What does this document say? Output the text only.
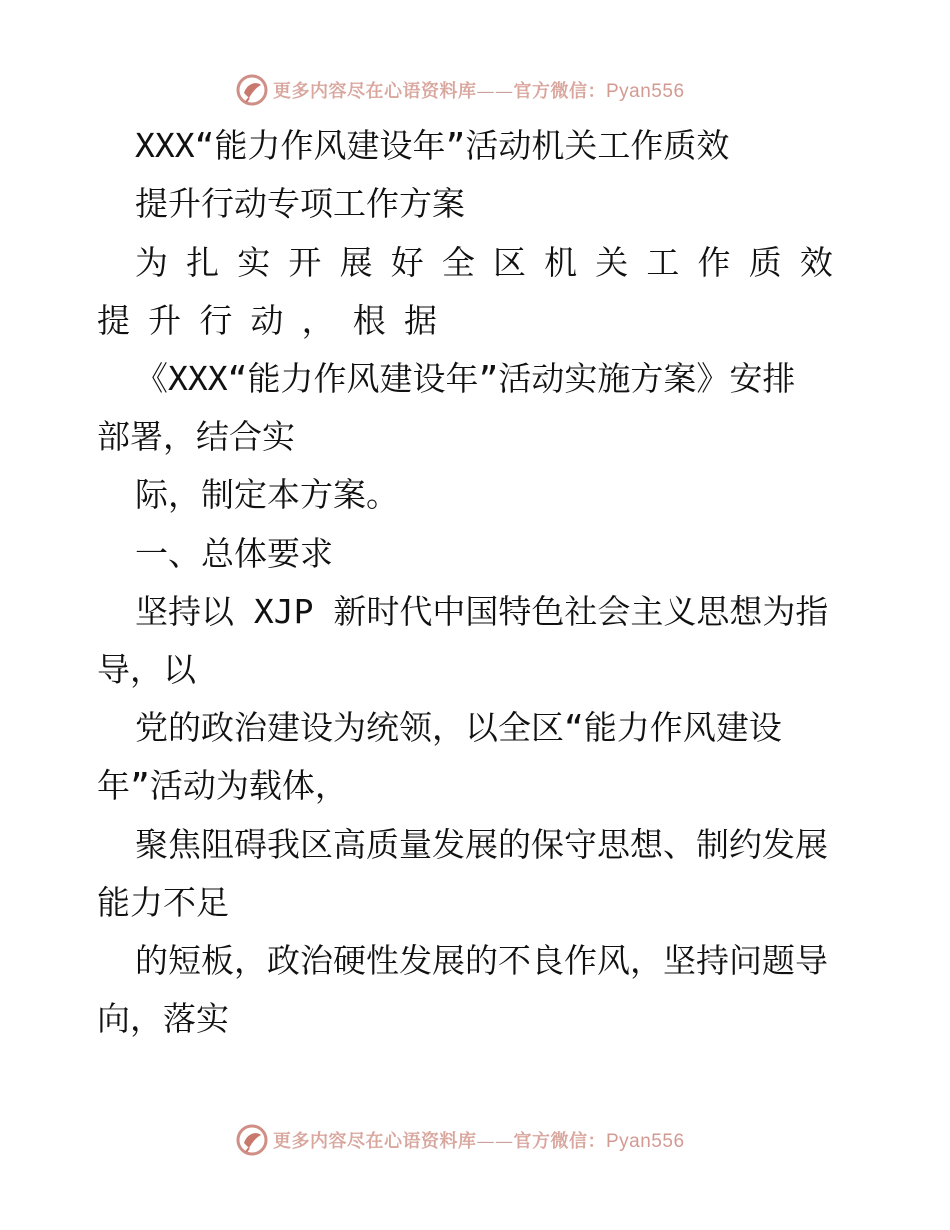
更多内容尽在心语资料库——官方微信：Pyan556
XXX“能力作风建设年”活动机关工作质效
提升行动专项工作方案
为 扎 实 开 展 好 全 区 机 关 工 作 质 效
提 升 行 动 ， 根 据
《XXX“能力作风建设年”活动实施方案》安排
部署，结合实
际，制定本方案。
一、总体要求
坚持以 XJP 新时代中国特色社会主义思想为指
导，以
党的政治建设为统领，以全区“能力作风建设
年”活动为载体，
聚焦阻碍我区高质量发展的保守思想、制约发展
能力不足
的短板，政治硬性发展的不良作风，坚持问题导
向，落实
更多内容尽在心语资料库——官方微信：Pyan556
